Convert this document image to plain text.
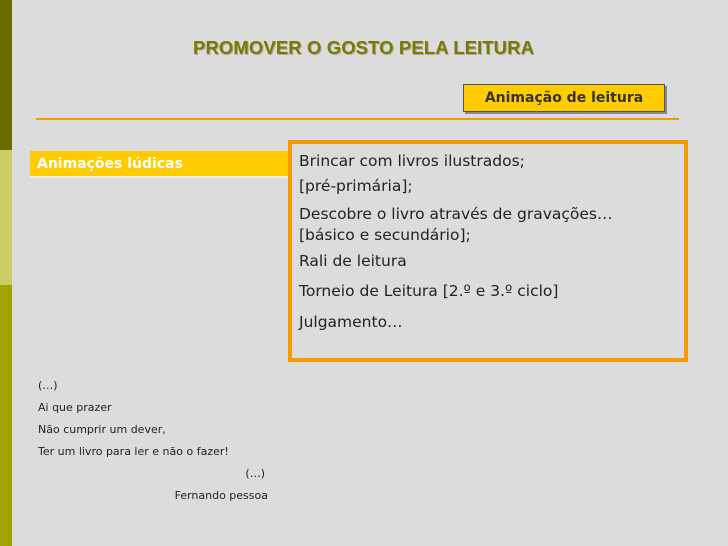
PROMOVER O GOSTO PELA LEITURA
Animação de leitura
Animações lúdicas	Brincar com livros ilustrados;
[pré-primária];
Descobre o livro através de gravações…
[básico e secundário];
Rali de leitura
Torneio de Leitura [2.º e 3.º ciclo]
Julgamento…
(…)
Ai que prazer
Não cumprir um dever,
Ter um livro para ler e não o fazer!
(…)
Fernando pessoa
